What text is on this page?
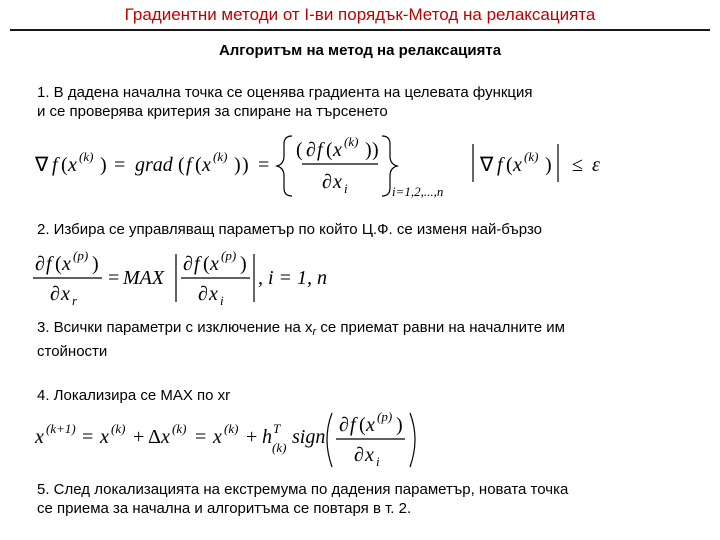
Градиентни методи от I-ви порядък-Метод на релаксацията
Алгоритъм на метод на релаксацията
1. В дадена начална точка се оценява градиента на целевата функция
и се проверява критерия за спиране на търсенето
∇ f ( x (k) ) = grad ( f ( x (k) ) ) =
( ∂ f ( x (k) ) )
∂ x i	i=1,2,...,n
∇ f ( x (k) ) ≤ ε
2. Избира се управляващ параметър по който Ц.Ф. се изменя най-бързо
∂ f ( x (p) )
∂ x r
= MAX
∂ f ( x (p) )
∂ x i
, i = 1, n
3. Всички параметри с изключение на $x_r$ се приемат равни на началните им
стойности
4. Локализира се MAX по xr
x (k+1) = x (k) + Δ x (k) = x (k) + h T
(k) sign
∂ f ( x (p) )
∂ x i
5. След локализацията на екстремума по дадения параметър, новата точка
се приема за начална и алгоритъма се повтаря в т. 2.
